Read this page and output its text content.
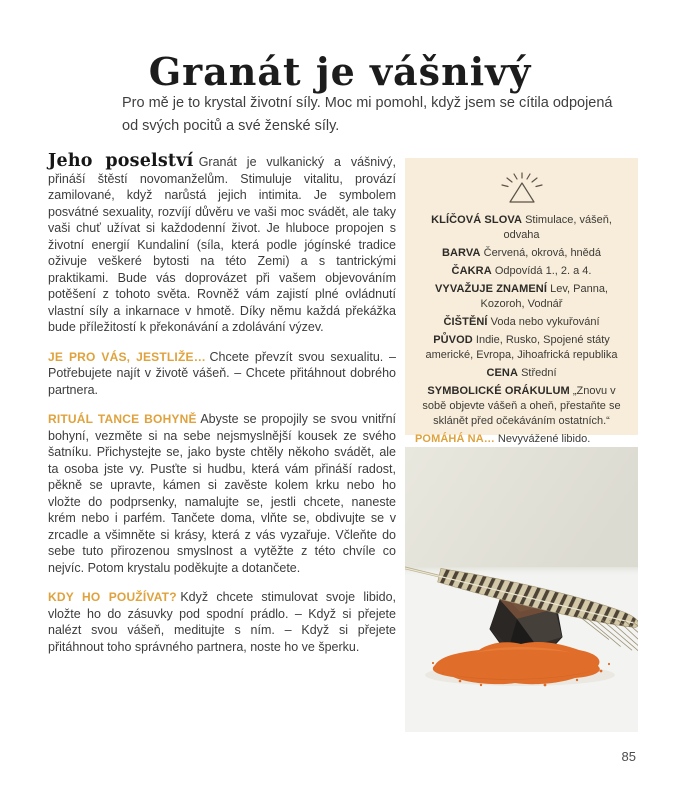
Granát je vášnivý
Pro mě je to krystal životní síly. Moc mi pomohl, když jsem se cítila odpojená od svých pocitů a své ženské síly.

Jeho poselství Granát je vulkanický a vášnivý, přináší štěstí novomanželům. Stimuluje vitalitu, provází zamilované, když narůstá jejich intimita. Je symbolem posvátné sexuality, rozvíjí důvěru ve vaši moc svádět, ale taky vaši chuť užívat si každodenní život. Je hluboce propojen s životní energií Kundaliní (síla, která podle jógínské tradice oživuje veškeré bytosti na této Zemi) a s tantrickými praktikami. Bude vás doprovázet při vašem objevováním potěšení z tohoto světa. Rovněž vám zajistí plné ovládnutí vlastní síly a inkarnace v hmotě. Díky němu každá překážka bude příležitostí k překonávání a zdolávání výzev.

JE PRO VÁS, JESTLIŽE… Chcete převzít svou sexualitu. – Potřebujete najít v životě vášeň. – Chcete přitáhnout dobrého partnera.

RITUÁL TANCE BOHYNĚ Abyste se propojily se svou vnitřní bohyní, vezměte si na sebe nejsmyslnější kousek ze svého šatníku. Přichystejte se, jako byste chtěly někoho svádět, ale ta osoba jste vy. Pusťte si hudbu, která vám přináší radost, pěkně se upravte, kámen si zavěste kolem krku nebo ho vložte do podprsenky, namalujte se, jestli chcete, naneste krém nebo i parfém. Tančete doma, vlňte se, obdivujte se v zrcadle a všimněte si krásy, která z vás vyzařuje. Včleňte do sebe tuto přirozenou smyslnost a vytěžte z této chvíle co nejvíc. Potom krystalu poděkujte a dotančete.

KDY HO POUŽÍVAT? Když chcete stimulovat svoje libido, vložte ho do zásuvky pod spodní prádlo. – Když si přejete nalézt svou vášeň, meditujte s ním. – Když si přejete přitáhnout toho správného partnera, noste ho ve šperku.

KLÍČOVÁ SLOVA Stimulace, vášeň, odvaha

BARVA Červená, okrová, hnědá

ČAKRA Odpovídá 1., 2. a 4.

VYVAŽUJE ZNAMENÍ Lev, Panna, Kozoroh, Vodnář

ČIŠTĚNÍ Voda nebo vykuřování

PŮVOD Indie, Rusko, Spojené státy americké, Evropa, Jihoafrická republika

CENA Střední

SYMBOLICKÉ ORÁKULUM „Znovu v sobě objevte vášeň a oheň, přestaňte se sklánět před očekáváním ostatních.“

POMÁHÁ NA… Nevyvážené libido.

85
